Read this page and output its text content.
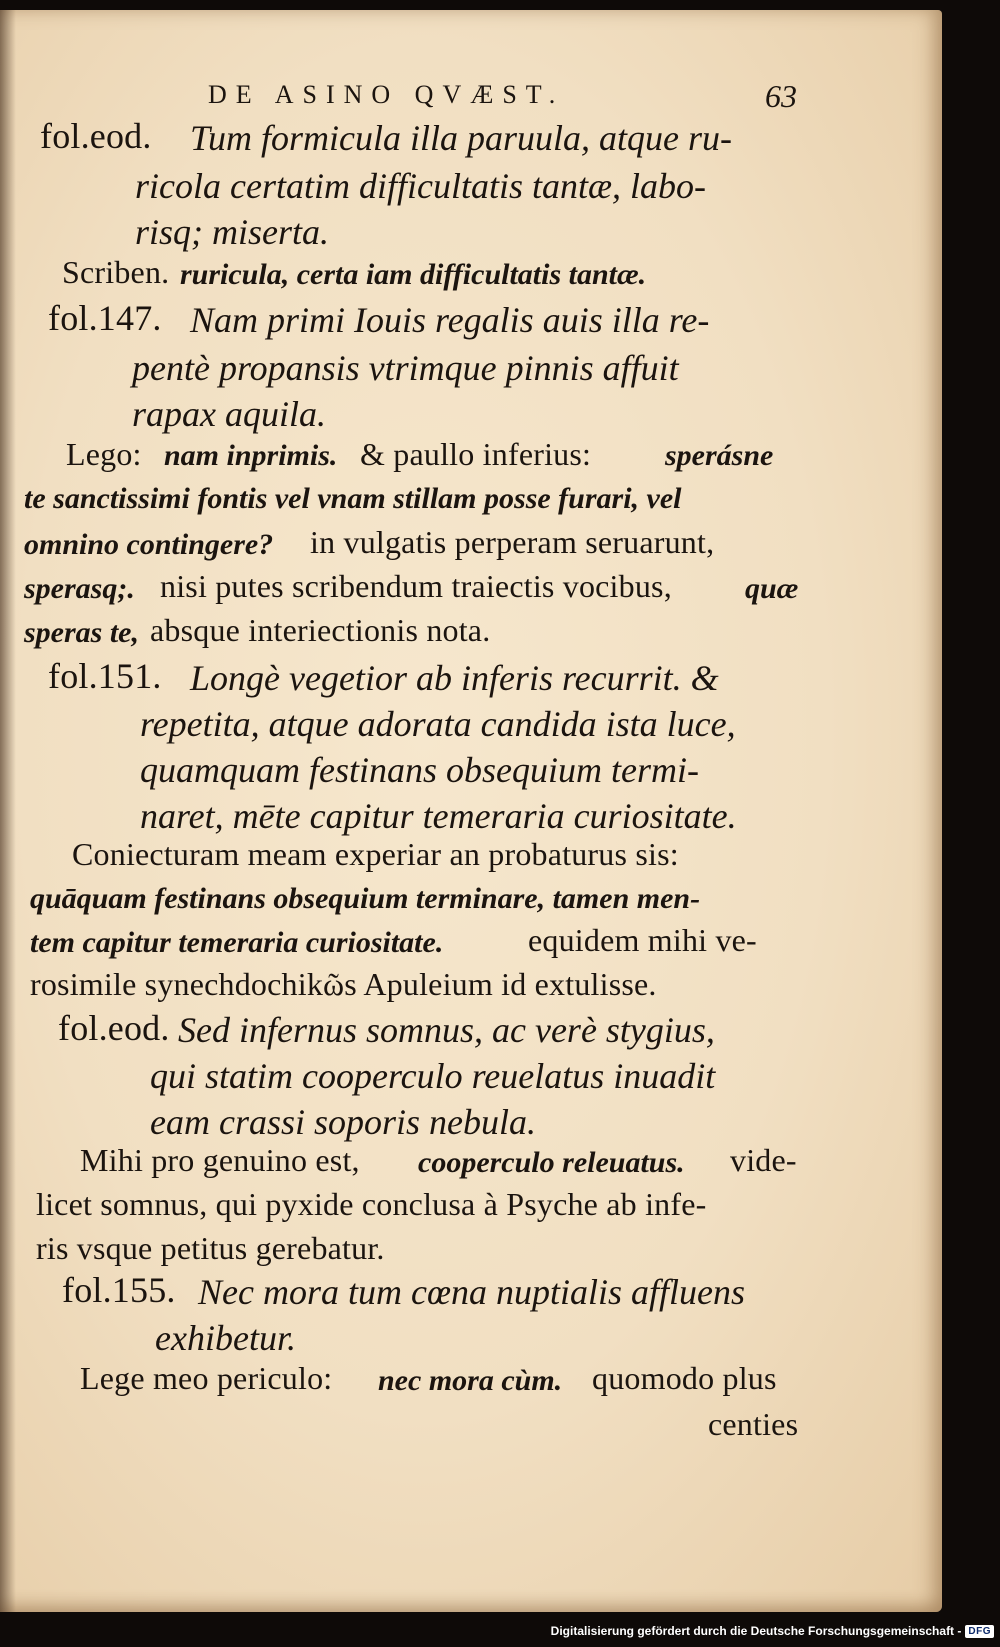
DE ASINO QVÆST.	63
fol.eod. Tum formicula illa paruula, atque ru-
ricola certatim difficultatis tantæ, labo-
risq; miserta.
Scriben. ruricula, certa iam difficultatis tantæ.
fol.147. Nam primi Iouis regalis auis illa re-
pentè propansis vtrimque pinnis affuit
rapax aquila.
Lego: nam inprimis. & paullo inferius: sperásne
te sanctissimi fontis vel vnam stillam posse furari, vel
omnino contingere? in vulgatis perperam seruarunt,
sperasq;. nisi putes scribendum traiectis vocibus, quæ
speras te, absque interiectionis nota.
fol.151. Longè vegetior ab inferis recurrit. &
repetita, atque adorata candida ista luce,
quamquam festinans obsequium termi-
naret, mēte capitur temeraria curiositate.
Coniecturam meam experiar an probaturus sis:
quāquam festinans obsequium terminare, tamen men-
tem capitur temeraria curiositate.	equidem mihi ve-
rosimile synechdochikῶs Apuleium id extulisse.
fol.eod. Sed infernus somnus, ac verè stygius,
qui statim cooperculo reuelatus inuadit
eam crassi soporis nebula.
Mihi pro genuino est, cooperculo releuatus. vide-
licet somnus, qui pyxide conclusa à Psyche ab infe-
ris vsque petitus gerebatur.
fol.155. Nec mora tum cœna nuptialis affluens
exhibetur.
Lege meo periculo: nec mora cùm. quomodo plus
centies
Digitalisierung gefördert durch die Deutsche Forschungsgemeinschaft - DFG
